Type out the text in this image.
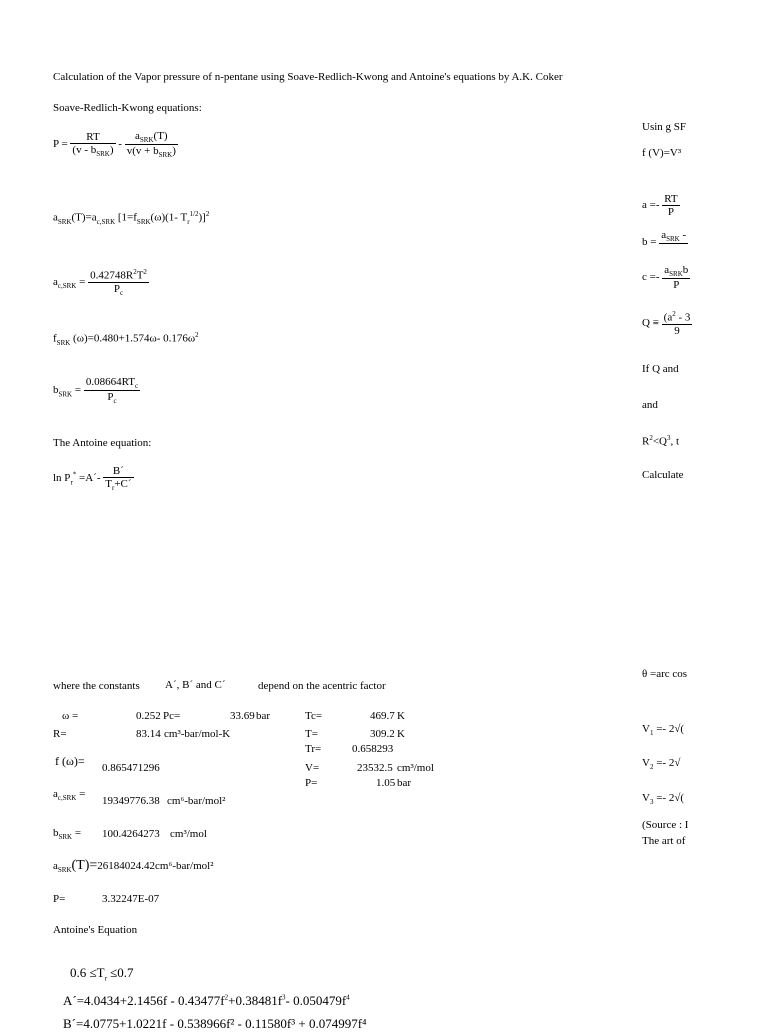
Calculation of the Vapor pressure of n-pentane using Soave-Redlich-Kwong and Antoine's equations by A.K. Coker
Soave-Redlich-Kwong equations:
$P = \frac{RT}{(v - b_{SRK})} - \frac{a_{SRK}(T)}{v(v + b_{SRK})}$
$a_{SRK}(T)=a_{c,SRK}$ [$1=f_{SRK}(\omega)(1-$ $T_r^{1/2})]^2$
$a_{c,SRK} = \frac{0.42748R^2T^2}{P_c}$
$f_{SRK}$ (ω)=0.480+1.574ω- $0.176\omega^2$
$b_{SRK} = \frac{0.08664RT_c}{P_c}$
The Antoine equation:
$\ln P_r^*$ =A´- $\frac{B´}{T_r+C´}$
where the constants A´, B´ and C´	depend on the acentric factor
ω =	0.252 Pc=	33.69 bar	Tc=	469.7 K
R=	83.14 cm³-bar/mol-K	T=	309.2 K
Tr=	0.658293
f (ω)= 0.865471296	V=	23532.5 cm³/mol
P=	1.05 bar
$a_{c,SRK}$ =
19349776.38 cm⁶-bar/mol²
$b_{SRK} = 100.4264273$ cm³/mol
$a_{SRK}(T)=26184024.42cm^6-bar$/mol²
P=	3.32247E-07
Antoine's Equation
$0.6 \le T_r \le 0.7$
A´=4.0434+2.1456f - $0.43477f^2+0.38481f^3-$ $0.050479f^4$
B´=4.0775+1.0221f - 0.538966f² - 0.11580f³ + 0.074997f⁴
Usin g SF
f (V)=V³
$a =- \frac{RT}{P}$
b =
$a_{SRK}$ -

$c =- \frac{a_{SRK}b}{P}$
$Q \equiv \frac{(a^2 - 3}{9}$
If Q and
and
$R^2<Q^3$, t
Calculate
θ =arc cos
$V_1 =- 2√$(
$V_2 =- 2√$
$V_3 =- 2√$(
(Source : I
The art of
